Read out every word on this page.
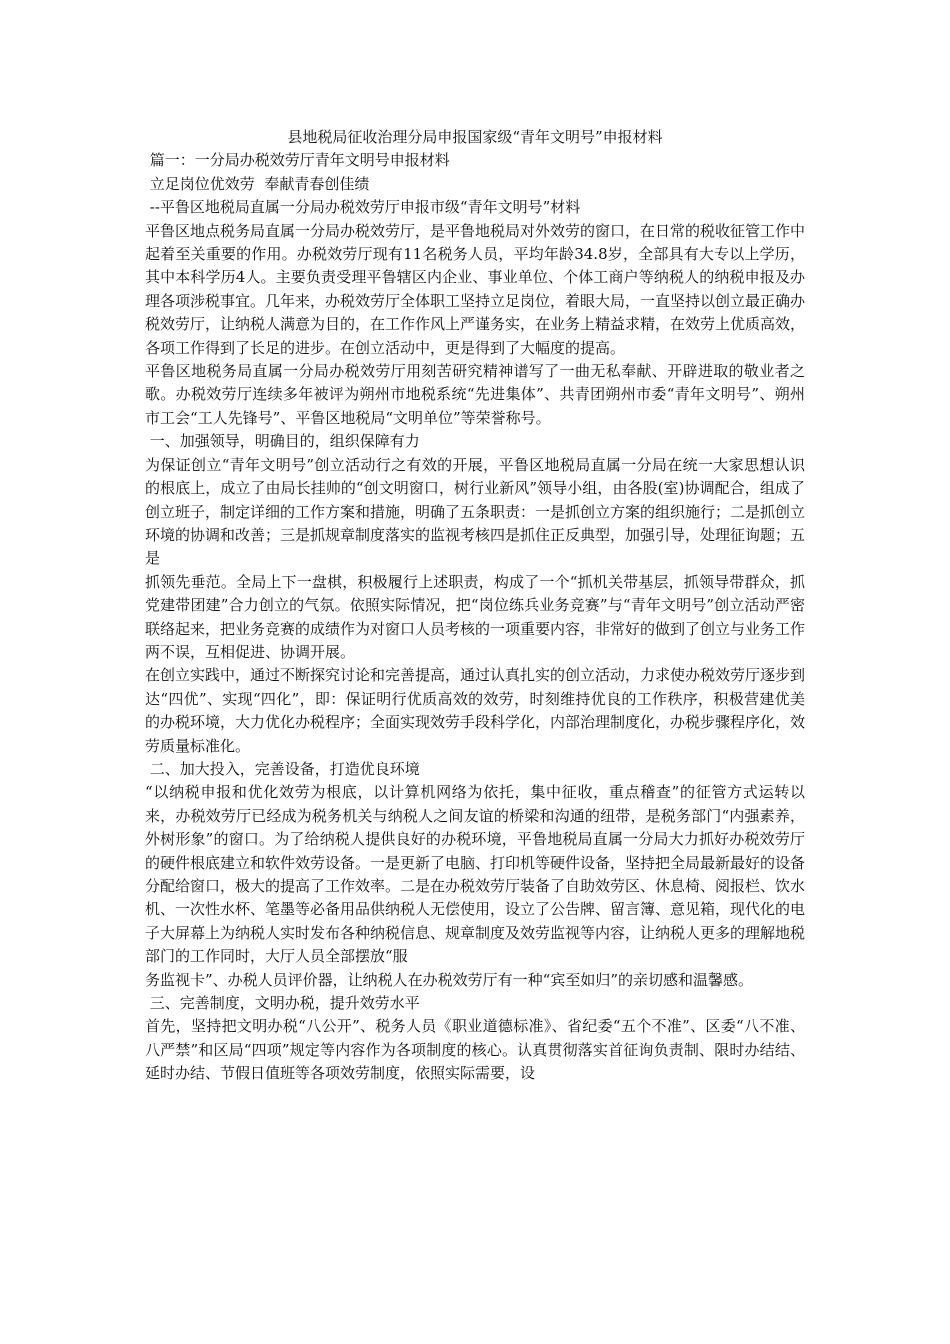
县地税局征收治理分局申报国家级“青年文明号”申报材料

篇一：一分局办税效劳厅青年文明号申报材料

立足岗位优效劳  奉献青春创佳绩

--平鲁区地税局直属一分局办税效劳厅申报市级“青年文明号”材料

平鲁区地点税务局直属一分局办税效劳厅，是平鲁地税局对外效劳的窗口，在日常的税收征管工作中起着至关重要的作用。办税效劳厅现有11名税务人员，平均年龄34.8岁，全部具有大专以上学历，其中本科学历4人。主要负责受理平鲁辖区内企业、事业单位、个体工商户等纳税人的纳税申报及办理各项涉税事宜。几年来，办税效劳厅全体职工坚持立足岗位，着眼大局，一直坚持以创立最正确办税效劳厅，让纳税人满意为目的，在工作作风上严谨务实，在业务上精益求精，在效劳上优质高效，各项工作得到了长足的进步。在创立活动中，更是得到了大幅度的提高。

平鲁区地税务局直属一分局办税效劳厅用刻苦研究精神谱写了一曲无私奉献、开辟进取的敬业者之歌。办税效劳厅连续多年被评为朔州市地税系统“先进集体”、共青团朔州市委“青年文明号”、朔州市工会“工人先锋号”、平鲁区地税局“文明单位”等荣誉称号。

一、加强领导，明确目的，组织保障有力

为保证创立“青年文明号”创立活动行之有效的开展，平鲁区地税局直属一分局在统一大家思想认识的根底上，成立了由局长挂帅的“创文明窗口，树行业新风”领导小组，由各股(室)协调配合，组成了创立班子，制定详细的工作方案和措施，明确了五条职责：一是抓创立方案的组织施行；二是抓创立环境的协调和改善；三是抓规章制度落实的监视考核四是抓住正反典型，加强引导，处理征询题；五是

抓领先垂范。全局上下一盘棋，积极履行上述职责，构成了一个“抓机关带基层，抓领导带群众，抓党建带团建”合力创立的气氛。依照实际情况，把“岗位练兵业务竞赛”与“青年文明号”创立活动严密联络起来，把业务竞赛的成绩作为对窗口人员考核的一项重要内容，非常好的做到了创立与业务工作两不误，互相促进、协调开展。

在创立实践中，通过不断探究讨论和完善提高，通过认真扎实的创立活动，力求使办税效劳厅逐步到达“四优”、实现“四化”，即：保证明行优质高效的效劳，时刻维持优良的工作秩序，积极营建优美的办税环境，大力优化办税程序；全面实现效劳手段科学化，内部治理制度化，办税步骤程序化，效劳质量标准化。

二、加大投入，完善设备，打造优良环境

“以纳税申报和优化效劳为根底，以计算机网络为依托，集中征收，重点稽查”的征管方式运转以来，办税效劳厅已经成为税务机关与纳税人之间友谊的桥梁和沟通的纽带，是税务部门“内强素养，外树形象”的窗口。为了给纳税人提供良好的办税环境，平鲁地税局直属一分局大力抓好办税效劳厅的硬件根底建立和软件效劳设备。一是更新了电脑、打印机等硬件设备，坚持把全局最新最好的设备分配给窗口，极大的提高了工作效率。二是在办税效劳厅装备了自助效劳区、休息椅、阅报栏、饮水机、一次性水杯、笔墨等必备用品供纳税人无偿使用，设立了公告牌、留言簿、意见箱，现代化的电子大屏幕上为纳税人实时发布各种纳税信息、规章制度及效劳监视等内容，让纳税人更多的理解地税部门的工作同时，大厅人员全部摆放“服

务监视卡”、办税人员评价器，让纳税人在办税效劳厅有一种“宾至如归”的亲切感和温馨感。

三、完善制度，文明办税，提升效劳水平

首先，坚持把文明办税“八公开”、税务人员《职业道德标准》、省纪委“五个不准”、区委“八不准、八严禁”和区局“四项”规定等内容作为各项制度的核心。认真贯彻落实首征询负责制、限时办结结、延时办结、节假日值班等各项效劳制度，依照实际需要，设
